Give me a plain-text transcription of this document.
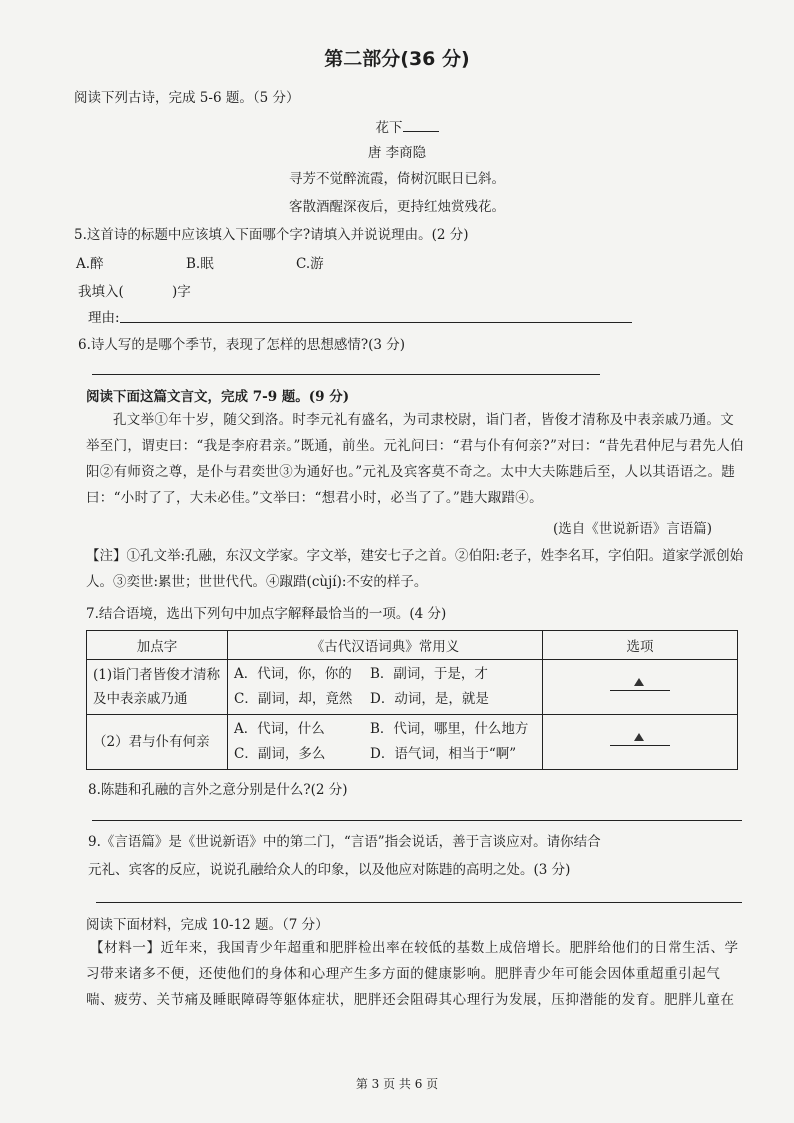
第二部分(36 分)
阅读下列古诗，完成 5-6 题。（5 分）
花下
唐 李商隐
寻芳不觉醉流霞，倚树沉眠日已斜。
客散酒醒深夜后，更持红烛赏残花。
5.这首诗的标题中应该填入下面哪个字?请填入并说说理由。(2 分)
A.醉	B.眠	C.游
我填入(	)字
理由:
6.诗人写的是哪个季节，表现了怎样的思想感情?(3 分)
阅读下面这篇文言文，完成 7-9 题。(9 分)
孔文举①年十岁，随父到洛。时李元礼有盛名，为司隶校尉，诣门者，皆俊才清称及中表亲戚乃通。文举至门，谓吏曰：“我是李府君亲。”既通，前坐。元礼问曰：“君与仆有何亲?”对曰：“昔先君仲尼与君先人伯阳②有师资之尊，是仆与君奕世③为通好也。”元礼及宾客莫不奇之。太中大夫陈韪后至，人以其语语之。韪曰：“小时了了，大未必佳。”文举曰：“想君小时，必当了了。”韪大踧踖④。
(选自《世说新语》言语篇)
【注】①孔文举:孔融，东汉文学家。字文举，建安七子之首。②伯阳:老子，姓李名耳，字伯阳。道家学派创始人。③奕世:累世；世世代代。④踧踖(cùjí):不安的样子。
7.结合语境，选出下列句中加点字解释最恰当的一项。(4 分)
加点字	《古代汉语词典》常用义	选项
(1)诣门者皆俊才清称及中表亲戚乃通	A．代词，你，你的 B．副词，于是，才
C．副词，却，竟然 D．动词，是，就是	

（2）君与仆有何亲	A．代词，什么 B．代词，哪里，什么地方
C．副词，多么 D．语气词，相当于“啊”	

8.陈韪和孔融的言外之意分别是什么?(2 分)
9.《言语篇》是《世说新语》中的第二门，“言语”指会说话，善于言谈应对。请你结合
元礼、宾客的反应，说说孔融给众人的印象，以及他应对陈韪的高明之处。(3 分)
阅读下面材料，完成 10-12 题。（7 分）
【材料一】近年来，我国青少年超重和肥胖检出率在较低的基数上成倍增长。肥胖给他们的日常生活、学习带来诸多不便，还使他们的身体和心理产生多方面的健康影响。肥胖青少年可能会因体重超重引起气喘、疲劳、关节痛及睡眠障碍等躯体症状，肥胖还会阻碍其心理行为发展，压抑潜能的发育。肥胖儿童在
第 3 页 共 6 页
